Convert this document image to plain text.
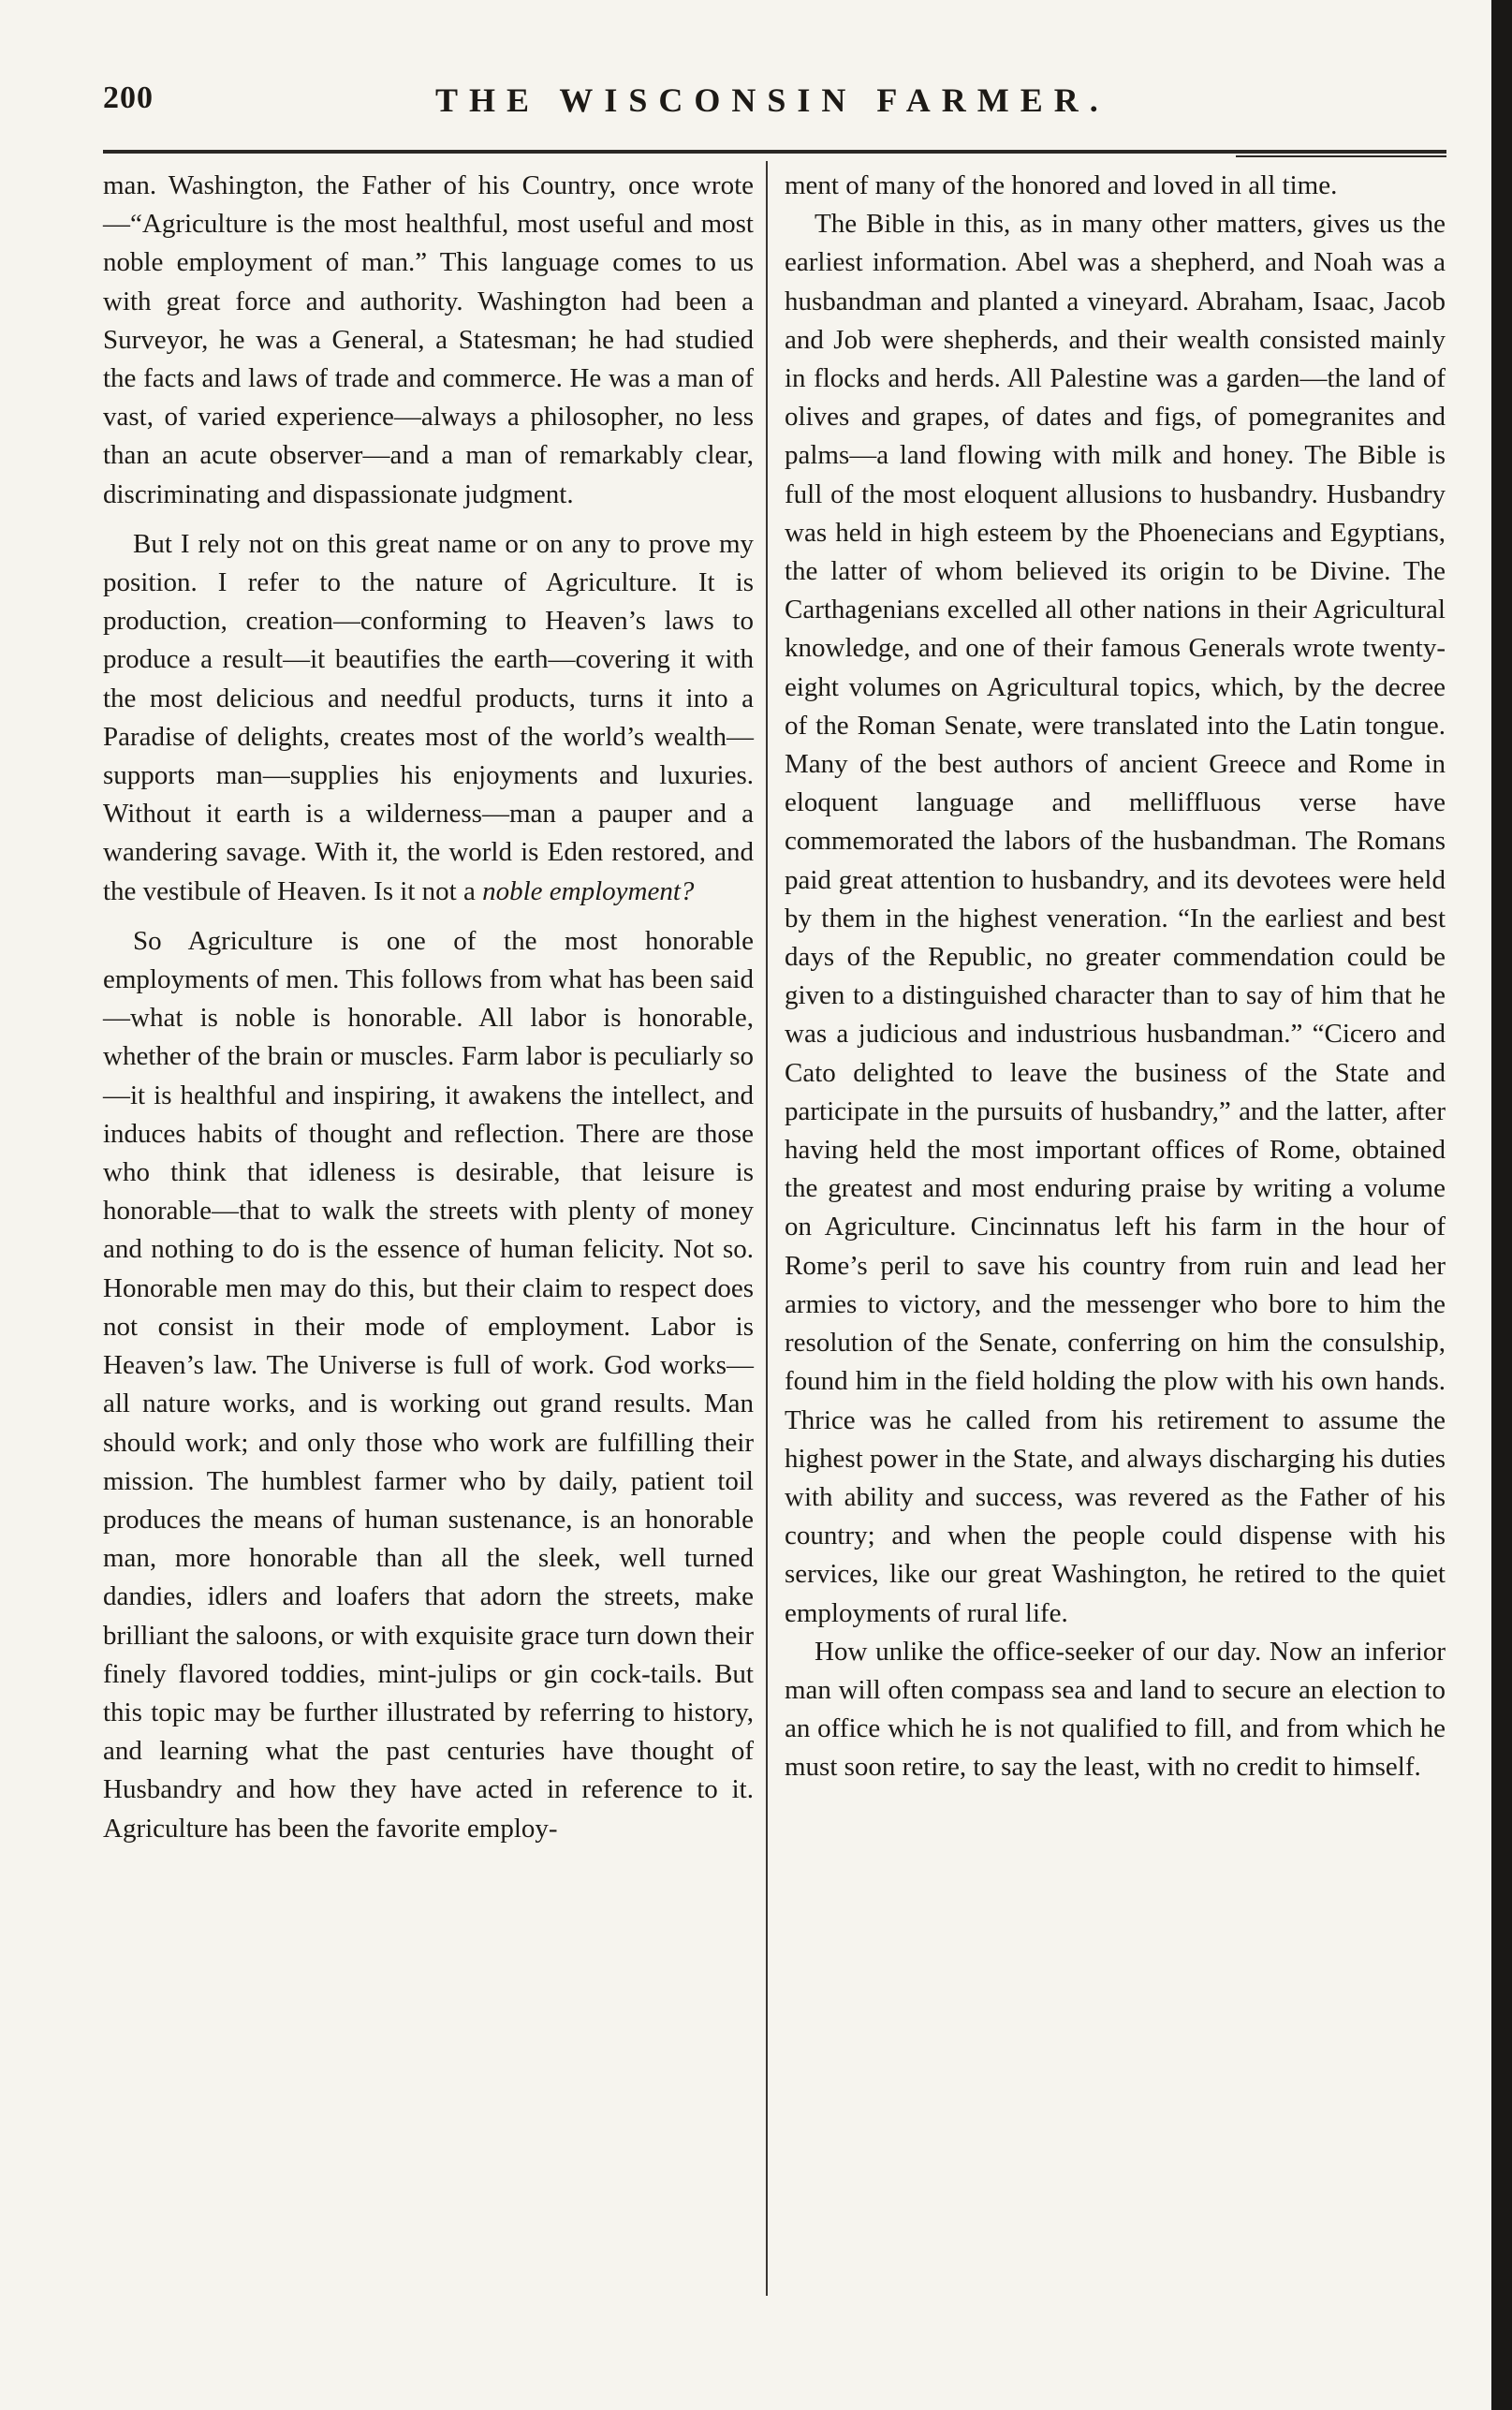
200	THE WISCONSIN FARMER.

man. Washington, the Father of his Country, once wrote—“Agriculture is the most healthful, most useful and most noble employment of man.” This language comes to us with great force and authority. Washington had been a Surveyor, he was a General, a Statesman; he had studied the facts and laws of trade and commerce. He was a man of vast, of varied experience—always a philosopher, no less than an acute observer—and a man of remarkably clear, discriminating and dispassionate judgment.

But I rely not on this great name or on any to prove my position. I refer to the nature of Agriculture. It is production, creation—conforming to Heaven’s laws to produce a result—it beautifies the earth—covering it with the most delicious and needful products, turns it into a Paradise of delights, creates most of the world’s wealth—supports man—supplies his enjoyments and luxuries. Without it earth is a wilderness—man a pauper and a wandering savage. With it, the world is Eden restored, and the vestibule of Heaven. Is it not a noble employment?

So Agriculture is one of the most honorable employments of men. This follows from what has been said—what is noble is honorable. All labor is honorable, whether of the brain or muscles. Farm labor is peculiarly so—it is healthful and inspiring, it awakens the intellect, and induces habits of thought and reflection. There are those who think that idleness is desirable, that leisure is honorable—that to walk the streets with plenty of money and nothing to do is the essence of human felicity. Not so. Honorable men may do this, but their claim to respect does not consist in their mode of employment. Labor is Heaven’s law. The Universe is full of work. God works—all nature works, and is working out grand results. Man should work; and only those who work are fulfilling their mission. The humblest farmer who by daily, patient toil produces the means of human sustenance, is an honorable man, more honorable than all the sleek, well turned dandies, idlers and loafers that adorn the streets, make brilliant the saloons, or with exquisite grace turn down their finely flavored toddies, mint-julips or gin cock-tails. But this topic may be further illustrated by referring to history, and learning what the past centuries have thought of Husbandry and how they have acted in reference to it. Agriculture has been the favorite employ-

ment of many of the honored and loved in all time.

The Bible in this, as in many other matters, gives us the earliest information. Abel was a shepherd, and Noah was a husbandman and planted a vineyard. Abraham, Isaac, Jacob and Job were shepherds, and their wealth consisted mainly in flocks and herds. All Palestine was a garden—the land of olives and grapes, of dates and figs, of pomegranites and palms—a land flowing with milk and honey. The Bible is full of the most eloquent allusions to husbandry. Husbandry was held in high esteem by the Phoenecians and Egyptians, the latter of whom believed its origin to be Divine. The Carthagenians excelled all other nations in their Agricultural knowledge, and one of their famous Generals wrote twenty-eight volumes on Agricultural topics, which, by the decree of the Roman Senate, were translated into the Latin tongue. Many of the best authors of ancient Greece and Rome in eloquent language and melliffluous verse have commemorated the labors of the husbandman. The Romans paid great attention to husbandry, and its devotees were held by them in the highest veneration. “In the earliest and best days of the Republic, no greater commendation could be given to a distinguished character than to say of him that he was a judicious and industrious husbandman.” “Cicero and Cato delighted to leave the business of the State and participate in the pursuits of husbandry,” and the latter, after having held the most important offices of Rome, obtained the greatest and most enduring praise by writing a volume on Agriculture. Cincinnatus left his farm in the hour of Rome’s peril to save his country from ruin and lead her armies to victory, and the messenger who bore to him the resolution of the Senate, conferring on him the consulship, found him in the field holding the plow with his own hands. Thrice was he called from his retirement to assume the highest power in the State, and always discharging his duties with ability and success, was revered as the Father of his country; and when the people could dispense with his services, like our great Washington, he retired to the quiet employments of rural life.

How unlike the office-seeker of our day. Now an inferior man will often compass sea and land to secure an election to an office which he is not qualified to fill, and from which he must soon retire, to say the least, with no credit to himself.
